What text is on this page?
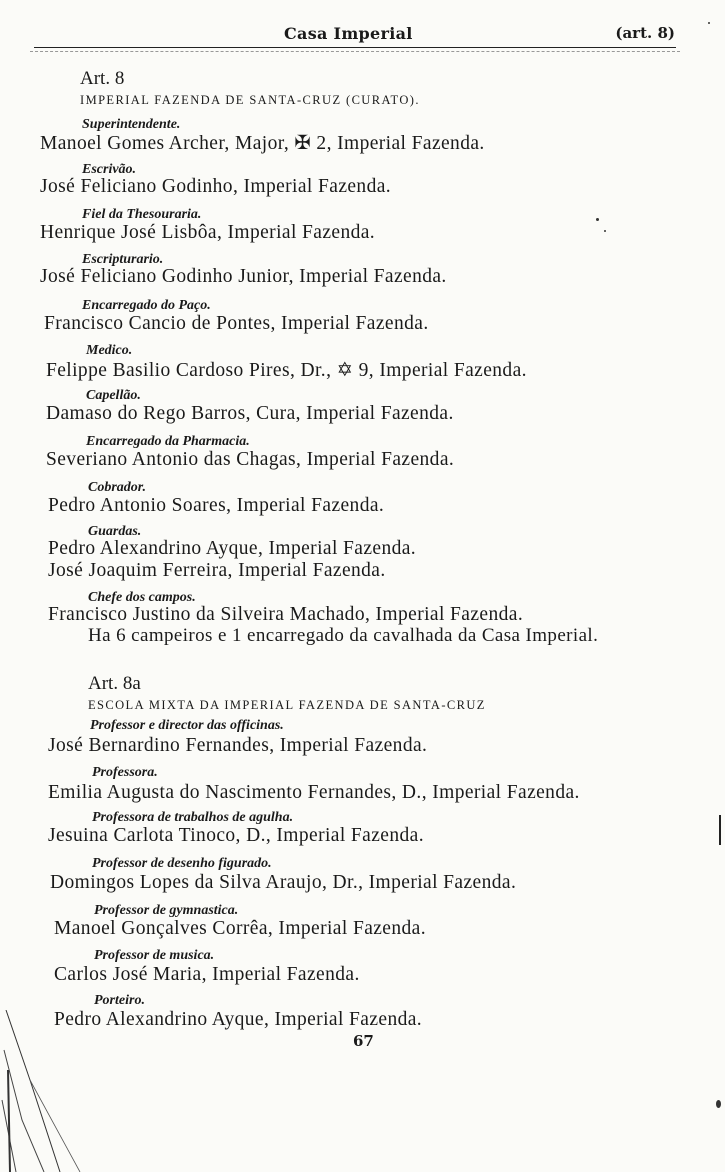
Casa Imperial	(art. 8)
Art. 8
IMPERIAL FAZENDA DE SANTA-CRUZ (CURATO).
Superintendente.
Manoel Gomes Archer, Major, ✠ 2, Imperial Fazenda.
Escrivão.
José Feliciano Godinho, Imperial Fazenda.
Fiel da Thesouraria.
Henrique José Lisbôa, Imperial Fazenda.
Escripturario.
José Feliciano Godinho Junior, Imperial Fazenda.
Encarregado do Paço.
Francisco Cancio de Pontes, Imperial Fazenda.
Medico.
Felippe Basilio Cardoso Pires, Dr., ✡ 9, Imperial Fazenda.
Capellão.
Damaso do Rego Barros, Cura, Imperial Fazenda.
Encarregado da Pharmacia.
Severiano Antonio das Chagas, Imperial Fazenda.
Cobrador.
Pedro Antonio Soares, Imperial Fazenda.
Guardas.
Pedro Alexandrino Ayque, Imperial Fazenda.
José Joaquim Ferreira, Imperial Fazenda.
Chefe dos campos.
Francisco Justino da Silveira Machado, Imperial Fazenda.
Ha 6 campeiros e 1 encarregado da cavalhada da Casa Imperial.
Art. 8a
ESCOLA MIXTA DA IMPERIAL FAZENDA DE SANTA-CRUZ
Professor e director das officinas.
José Bernardino Fernandes, Imperial Fazenda.
Professora.
Emilia Augusta do Nascimento Fernandes, D., Imperial Fazenda.
Professora de trabalhos de agulha.
Jesuina Carlota Tinoco, D., Imperial Fazenda.
Professor de desenho figurado.
Domingos Lopes da Silva Araujo, Dr., Imperial Fazenda.
Professor de gymnastica.
Manoel Gonçalves Corrêa, Imperial Fazenda.
Professor de musica.
Carlos José Maria, Imperial Fazenda.
Porteiro.
Pedro Alexandrino Ayque, Imperial Fazenda.
67
